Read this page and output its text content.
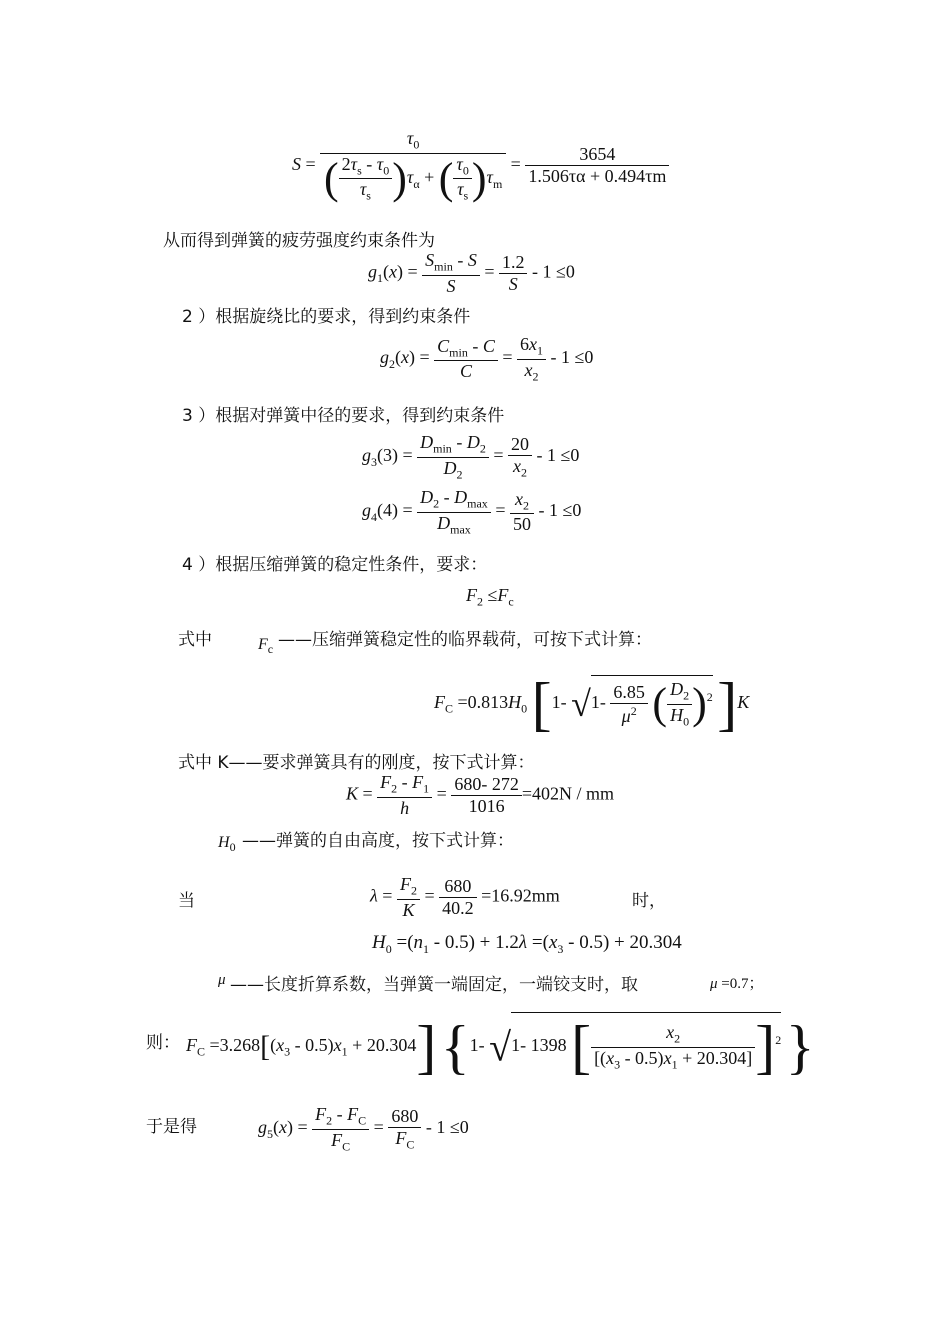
$S = \frac{\tau_0}{( \frac{2\tau_s - \tau_0}{\tau_s} )\tau_\alpha + ( \frac{\tau_0}{\tau_s} )\tau_m} = \frac{3654}{1.506\tau\alpha + 0.494\tau m}$
从而得到弹簧的疲劳强度约束条件为
$g_1(x) = \frac{S_{min} - S}{S} = \frac{1.2}{S} - 1 \le 0$
2 ）根据旋绕比的要求，得到约束条件
$g_2(x) = \frac{C_{min} - C}{C} = \frac{6x_1}{x_2} - 1 \le 0$
3 ）根据对弹簧中径的要求，得到约束条件
$g_3(3) = \frac{D_{min} - D_2}{D_2} = \frac{20}{x_2} - 1 \le 0$
$g_4(4) = \frac{D_2 - D_{max}}{D_{max}} = \frac{x_2}{50} - 1 \le 0$
4 ）根据压缩弹簧的稳定性条件，要求：
$F_2 \le F_c$
式中	$F_c$ ——压缩弹簧稳定性的临界载荷，可按下式计算：
$F_C =0.813H_0$ [1- $√1- \frac{6.85}{\mu^2}$ ( $\frac{D_2}{H_0} )^2$ ]K
式中 K——要求弹簧具有的刚度，按下式计算：
$K = \frac{F_2 - F_1}{h} = \frac{680- 272}{1016} =402N$ / mm
$H_0$ ——弹簧的自由高度，按下式计算：
当	$\lambda = \frac{F_2}{K} = \frac{680}{40.2} =16.92mm$	时，
$H_0 =(n_1 - 0.5) + 1.2\lambda =(x_3 - 0.5) + 20.304$
μ ——长度折算系数，当弹簧一端固定，一端铰支时，取	μ =0.7；
则： $F_C =3.268[(x_3 - 0.5)x_1 + 20.304]$ {1- √1- 1398 [ $\frac{x_2}{[(x_3 - 0.5)x_1 + 20.304]} ]^2$ }
于是得	$g_5(x) = \frac{F_2 - F_C}{F_C} = \frac{680}{F_C} - 1 \le 0$
